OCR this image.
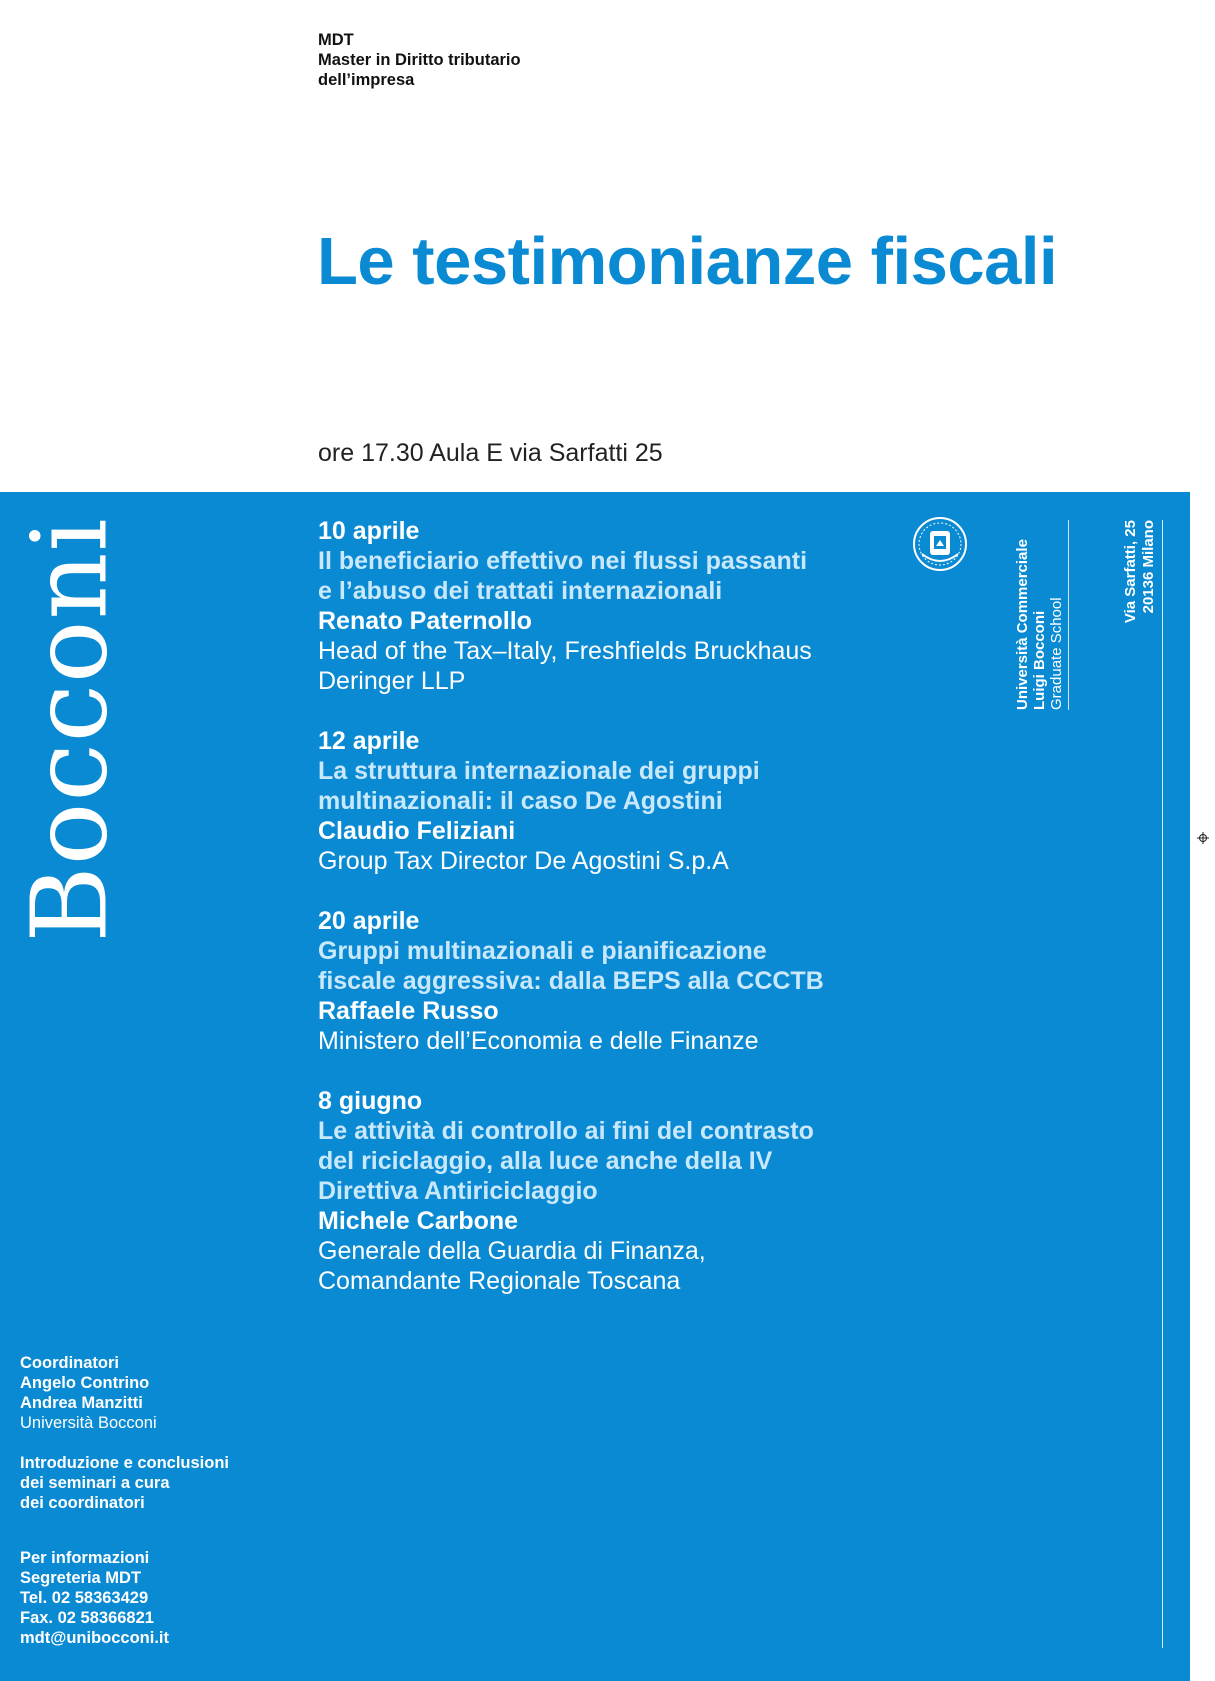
MDT
Master in Diritto tributario
dell’impresa
Le testimonianze fiscali
ore 17.30 Aula E via Sarfatti 25
Bocconi	10 aprile
Il beneficiario effettivo nei flussi passanti
e l’abuso dei trattati internazionali
Renato Paternollo
Head of the Tax–Italy, Freshfields Bruckhaus
Deringer LLP
12 aprile
La struttura internazionale dei gruppi
multinazionali: il caso De Agostini
Claudio Feliziani
Group Tax Director De Agostini S.p.A
20 aprile
Gruppi multinazionali e pianificazione
fiscale aggressiva: dalla BEPS alla CCCTB
Raffaele Russo
Ministero dell’Economia e delle Finanze
8 giugno
Le attività di controllo ai fini del contrasto
del riciclaggio, alla luce anche della IV
Direttiva Antiriciclaggio
Michele Carbone
Generale della Guardia di Finanza,
Comandante Regionale Toscana
Università Commerciale Luigi Bocconi Graduate School
Via Sarfatti, 25 20136 Milano
Coordinatori
Angelo Contrino
Andrea Manzitti
Università Bocconi
Introduzione e conclusioni
dei seminari a cura
dei coordinatori
Per informazioni
Segreteria MDT
Tel. 02 58363429
Fax. 02 58366821
mdt@unibocconi.it
